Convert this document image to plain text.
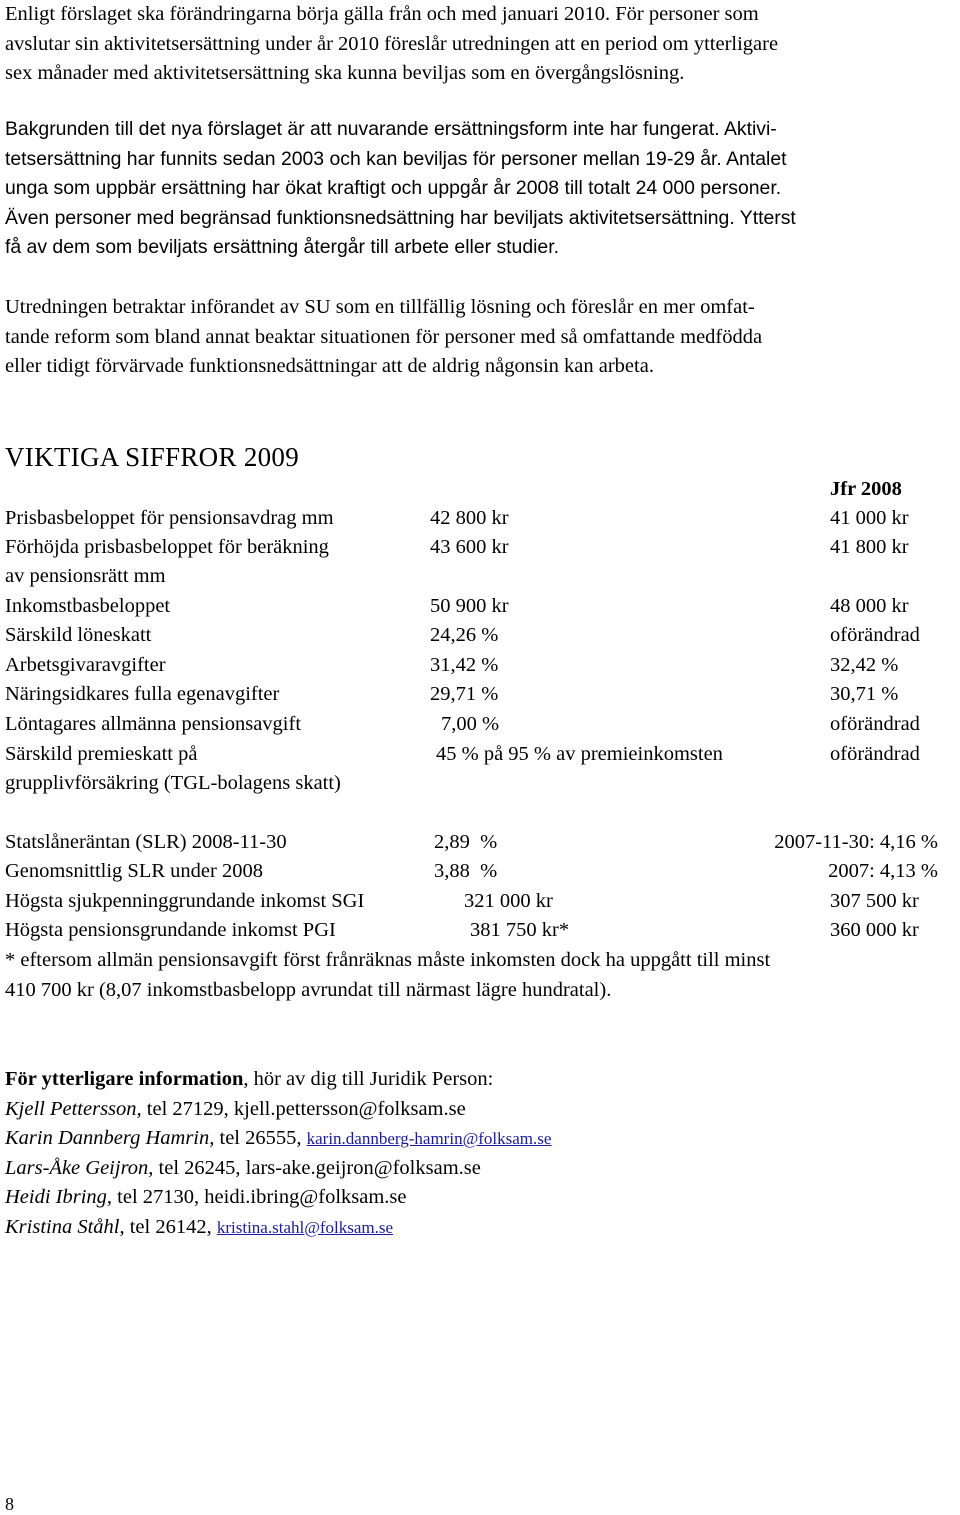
Enligt förslaget ska förändringarna börja gälla från och med januari 2010. För personer som
avslutar sin aktivitetsersättning under år 2010 föreslår utredningen att en period om ytterligare
sex månader med aktivitetsersättning ska kunna beviljas som en övergångslösning.
Bakgrunden till det nya förslaget är att nuvarande ersättningsform inte har fungerat. Aktivi-
tetsersättning har funnits sedan 2003 och kan beviljas för personer mellan 19-29 år. Antalet
unga som uppbär ersättning har ökat kraftigt och uppgår år 2008 till totalt 24 000 personer.
Även personer med begränsad funktionsnedsättning har beviljats aktivitetsersättning. Ytterst
få av dem som beviljats ersättning återgår till arbete eller studier.
Utredningen betraktar införandet av SU som en tillfällig lösning och föreslår en mer omfat-
tande reform som bland annat beaktar situationen för personer med så omfattande medfödda
eller tidigt förvärvade funktionsnedsättningar att de aldrig någonsin kan arbeta.
VIKTIGA SIFFROR 2009
Jfr 2008
Prisbasbeloppet för pensionsavdrag mm	42 800 kr	41 000 kr
Förhöjda prisbasbeloppet för beräkning
av pensionsrätt mm
43 600 kr	41 800 kr
Inkomstbasbeloppet	50 900 kr	48 000 kr
Särskild löneskatt	24,26 %	oförändrad
Arbetsgivaravgifter	31,42 %	32,42 %
Näringsidkares fulla egenavgifter	29,71 %	30,71 %
Löntagares allmänna pensionsavgift	7,00 %	oförändrad
Särskild premieskatt på
grupplivförsäkring (TGL-bolagens skatt)
45 % på 95 % av premieinkomsten	oförändrad
Statslåneräntan (SLR) 2008-11-30	2,89  %	2007-11-30: 4,16 %
Genomsnittlig SLR under 2008	3,88  %	2007: 4,13 %
Högsta sjukpenninggrundande inkomst SGI	321 000 kr	307 500 kr
Högsta pensionsgrundande inkomst PGI	381 750 kr*	360 000 kr
* eftersom allmän pensionsavgift först frånräknas måste inkomsten dock ha uppgått till minst
410 700 kr (8,07 inkomstbasbelopp avrundat till närmast lägre hundratal).
För ytterligare information, hör av dig till Juridik Person:
Kjell Pettersson, tel 27129, kjell.pettersson@folksam.se
Karin Dannberg Hamrin, tel 26555, karin.dannberg-hamrin@folksam.se
Lars-Åke Geijron, tel 26245, lars-ake.geijron@folksam.se
Heidi Ibring, tel 27130, heidi.ibring@folksam.se
Kristina Ståhl, tel 26142, kristina.stahl@folksam.se
8
